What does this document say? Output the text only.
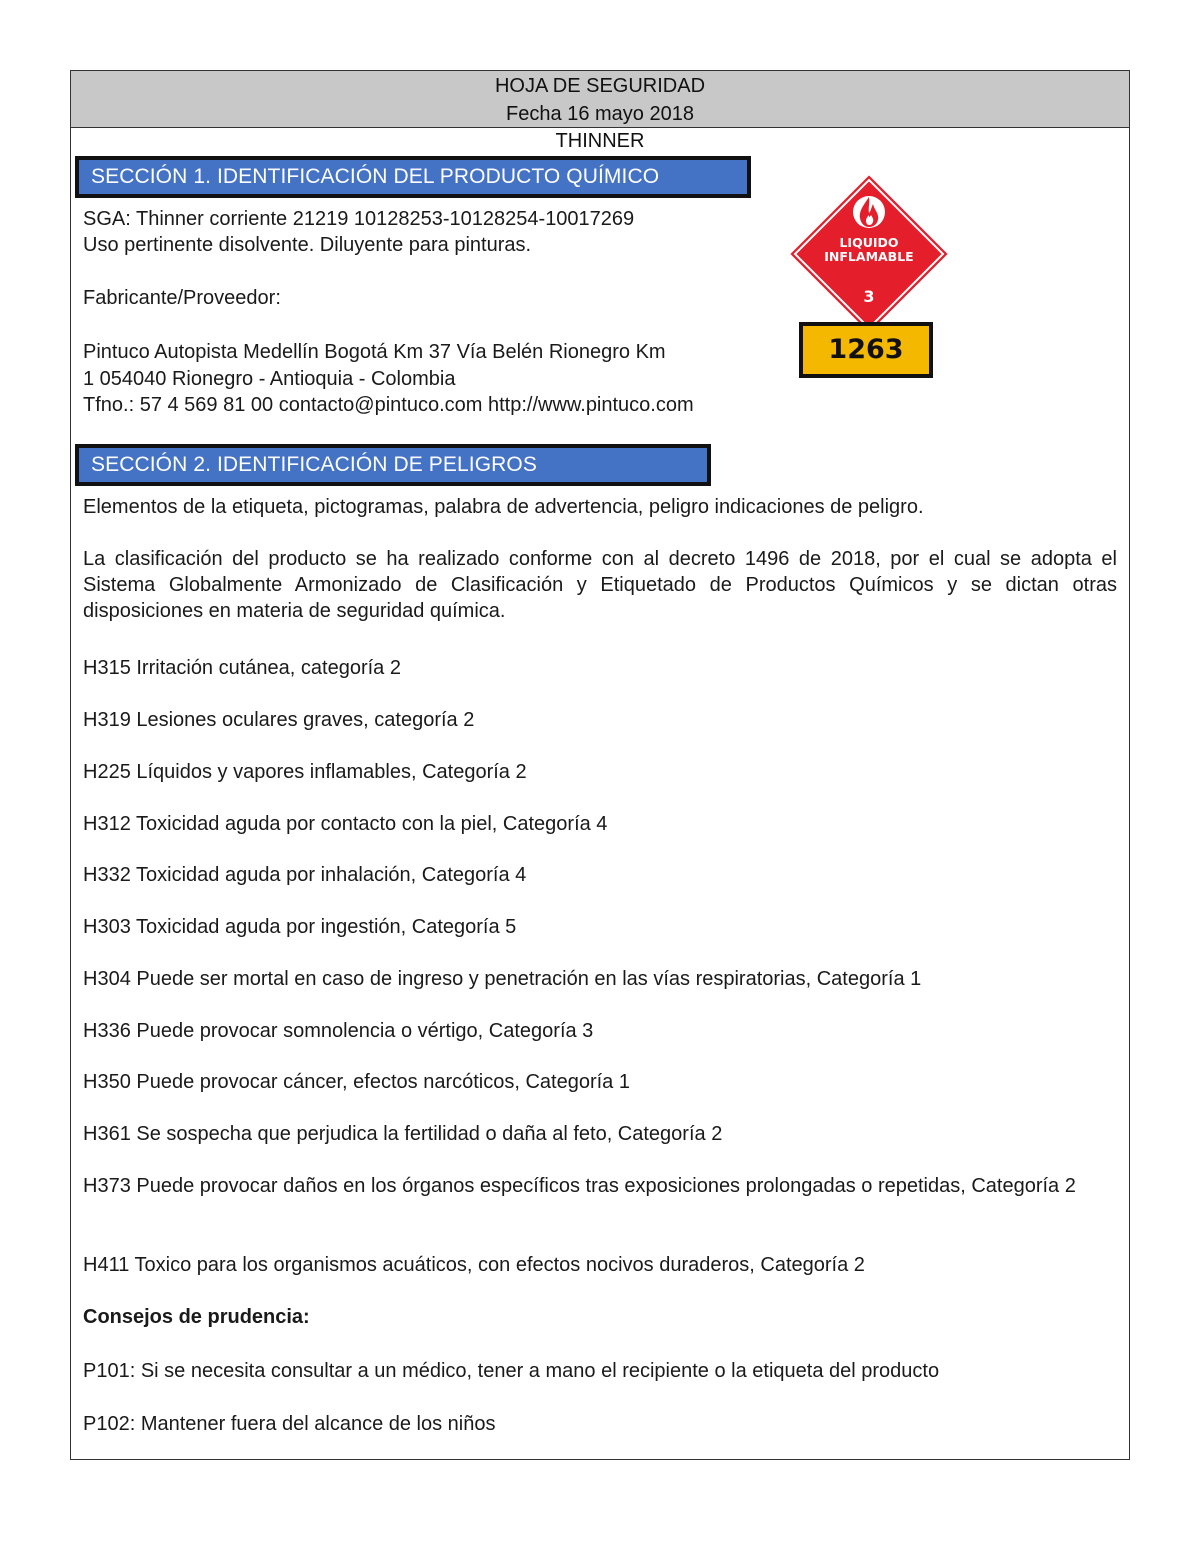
HOJA DE SEGURIDAD
Fecha 16 mayo 2018
THINNER
SECCIÓN 1. IDENTIFICACIÓN DEL PRODUCTO QUÍMICO
SGA: Thinner corriente 21219 10128253-10128254-10017269
Uso pertinente disolvente. Diluyente para pinturas.
Fabricante/Proveedor:
Pintuco Autopista Medellín Bogotá Km 37 Vía Belén Rionegro Km
1 054040 Rionegro - Antioquia - Colombia
Tfno.: 57 4 569 81 00 contacto@pintuco.com http://www.pintuco.com
LIQUIDO
INFLAMABLE
3
1263
SECCIÓN 2. IDENTIFICACIÓN DE PELIGROS
Elementos de la etiqueta, pictogramas, palabra de advertencia, peligro indicaciones de peligro.
La clasificación del producto se ha realizado conforme con al decreto 1496 de 2018, por el cual se adopta el Sistema Globalmente Armonizado de Clasificación y Etiquetado de Productos Químicos y se dictan otras disposiciones en materia de seguridad química.
H315 Irritación cutánea, categoría 2
H319 Lesiones oculares graves, categoría 2
H225 Líquidos y vapores inflamables, Categoría 2
H312 Toxicidad aguda por contacto con la piel, Categoría 4
H332 Toxicidad aguda por inhalación, Categoría 4
H303 Toxicidad aguda por ingestión, Categoría 5
H304 Puede ser mortal en caso de ingreso y penetración en las vías respiratorias, Categoría 1
H336 Puede provocar somnolencia o vértigo, Categoría 3
H350 Puede provocar cáncer, efectos narcóticos, Categoría 1
H361 Se sospecha que perjudica la fertilidad o daña al feto, Categoría 2
H373 Puede provocar daños en los órganos específicos tras exposiciones prolongadas o repetidas, Categoría 2
H411 Toxico para los organismos acuáticos, con efectos nocivos duraderos, Categoría 2
Consejos de prudencia:
P101: Si se necesita consultar a un médico, tener a mano el recipiente o la etiqueta del producto
P102: Mantener fuera del alcance de los niños
